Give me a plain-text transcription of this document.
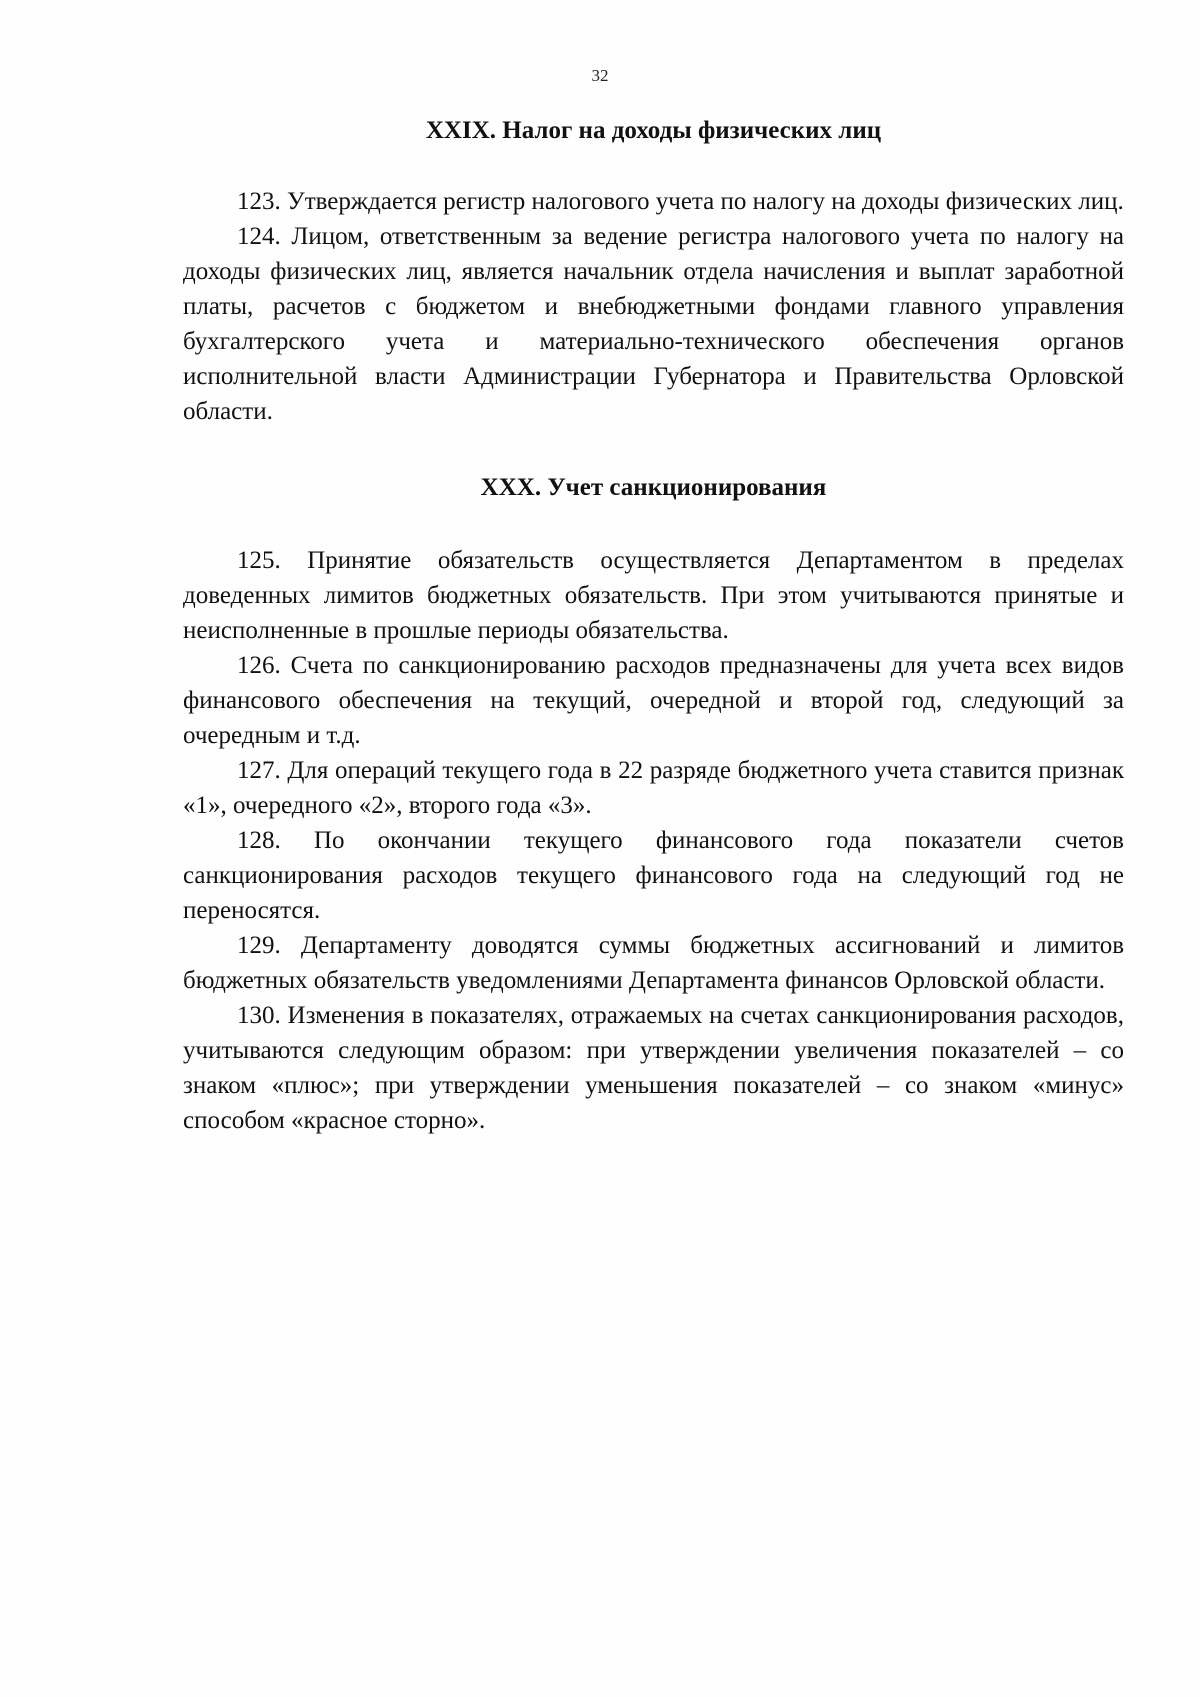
32
XXIX. Налог на доходы физических лиц

123. Утверждается регистр налогового учета по налогу на доходы физических лиц.

124. Лицом, ответственным за ведение регистра налогового учета по налогу на доходы физических лиц, является начальник отдела начисления и выплат заработной платы, расчетов с бюджетом и внебюджетными фондами главного управления бухгалтерского учета и материально-технического обеспечения органов исполнительной власти Администрации Губернатора и Правительства Орловской области.

XXX. Учет санкционирования

125. Принятие обязательств осуществляется Департаментом в пределах доведенных лимитов бюджетных обязательств. При этом учитываются принятые и неисполненные в прошлые периоды обязательства.

126. Счета по санкционированию расходов предназначены для учета всех видов финансового обеспечения на текущий, очередной и второй год, следующий за очередным и т.д.

127. Для операций текущего года в 22 разряде бюджетного учета ставится признак «1», очередного «2», второго года «3».

128. По окончании текущего финансового года показатели счетов санкционирования расходов текущего финансового года на следующий год не переносятся.

129. Департаменту доводятся суммы бюджетных ассигнований и лимитов бюджетных обязательств уведомлениями Департамента финансов Орловской области.

130. Изменения в показателях, отражаемых на счетах санкционирования расходов, учитываются следующим образом: при утверждении увеличения показателей – со знаком «плюс»; при утверждении уменьшения показателей – со знаком «минус» способом «красное сторно».
